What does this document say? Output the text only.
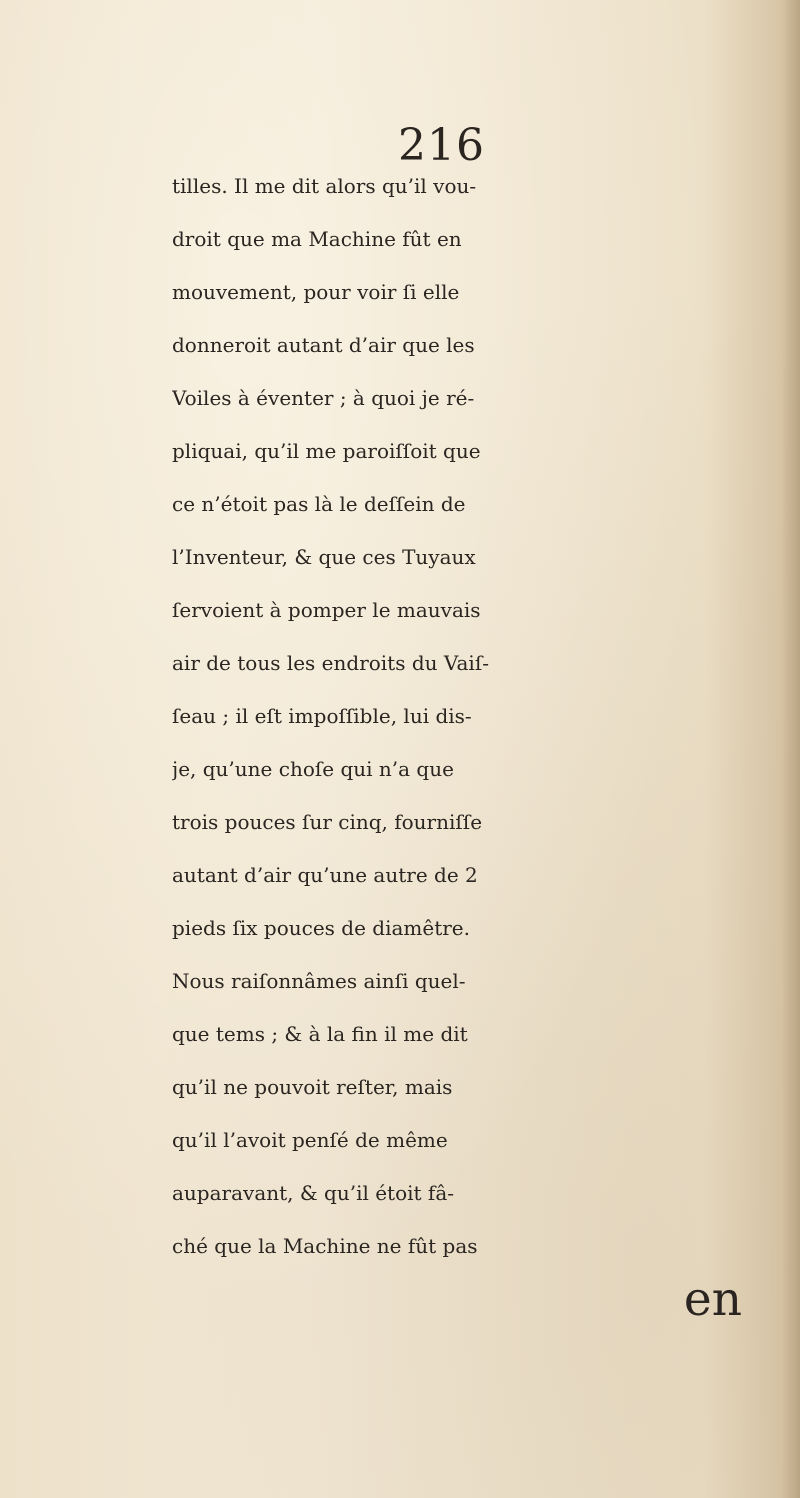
216
tilles. Il me dit alors qu’il vou-
droit que ma Machine fût en
mouvement, pour voir ſi elle
donneroit autant d’air que les
Voiles à éventer ; à quoi je ré-
pliquai, qu’il me paroiſſoit que
ce n’étoit pas là le deſſein de
l’Inventeur, & que ces Tuyaux
ſervoient à pomper le mauvais
air de tous les endroits du Vaiſ-
ſeau ; il eſt impoſſible, lui dis-
je, qu’une choſe qui n’a que
trois pouces ſur cinq, fourniſſe
autant d’air qu’une autre de 2
pieds ſix pouces de diamêtre.
Nous raiſonnâmes ainſi quel-
que tems ; & à la fin il me dit
qu’il ne pouvoit reſter, mais
qu’il l’avoit penſé de même
auparavant, & qu’il étoit fâ-
ché que la Machine ne fût pas
en
